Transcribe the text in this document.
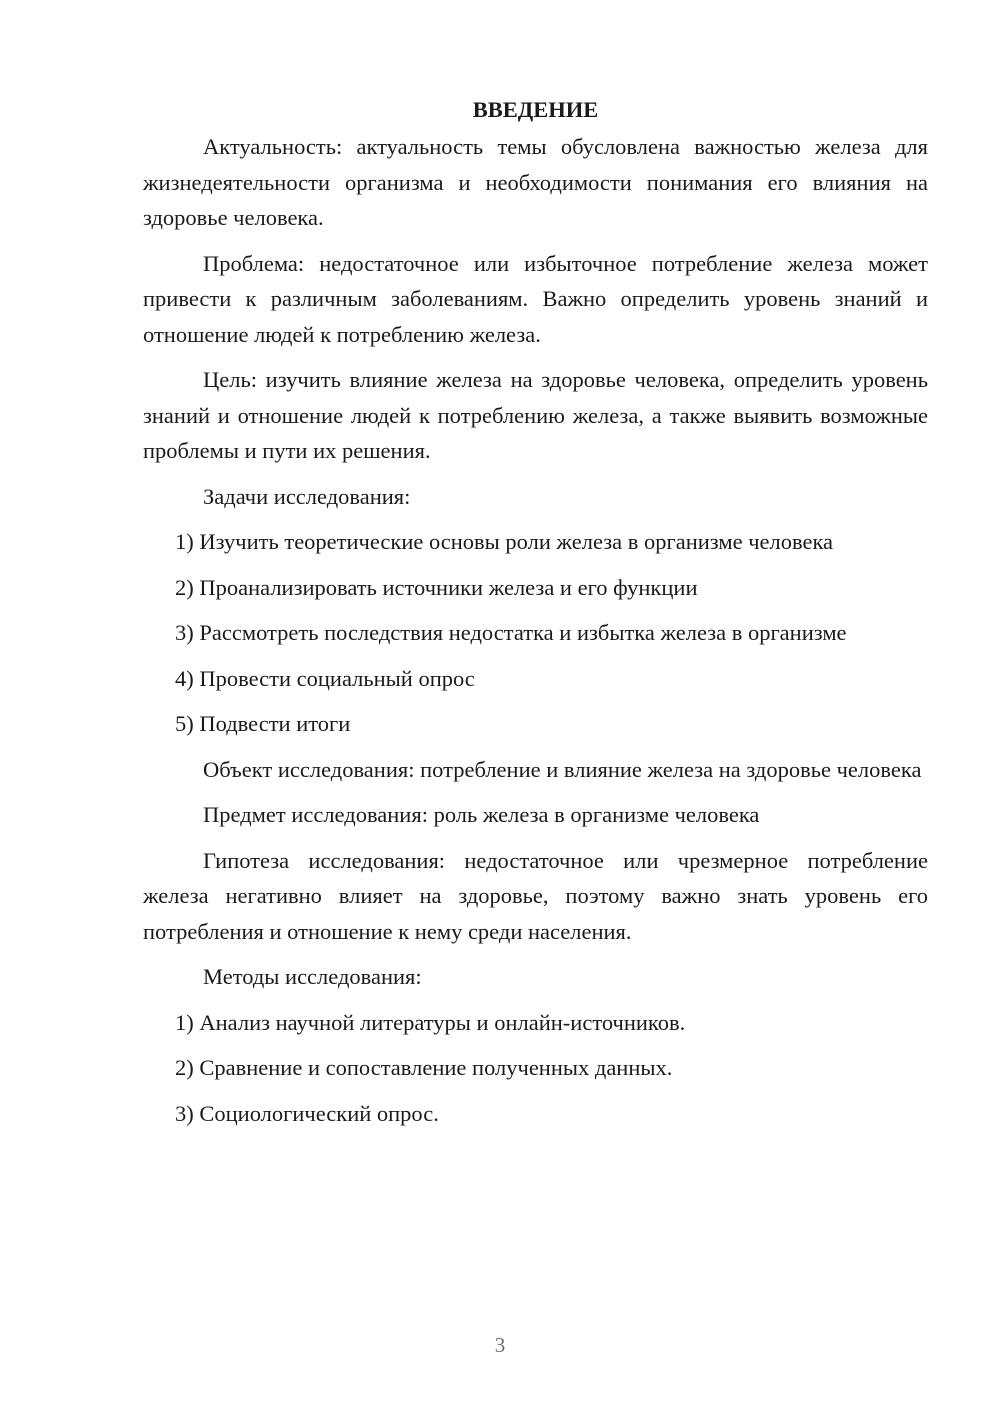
ВВЕДЕНИЕ

Актуальность: актуальность темы обусловлена важностью железа для жизнедеятельности организма и необходимости понимания его влияния на здоровье человека.

Проблема: недостаточное или избыточное потребление железа может привести к различным заболеваниям. Важно определить уровень знаний и отношение людей к потреблению железа.

Цель: изучить влияние железа на здоровье человека, определить уровень знаний и отношение людей к потреблению железа, а также выявить возможные проблемы и пути их решения.

Задачи исследования:

1) Изучить теоретические основы роли железа в организме человека
2) Проанализировать источники железа и его функции
3) Рассмотреть последствия недостатка и избытка железа в организме
4) Провести социальный опрос
5) Подвести итоги

Объект исследования: потребление и влияние железа на здоровье человека

Предмет исследования: роль железа в организме человека

Гипотеза исследования: недостаточное или чрезмерное потребление железа негативно влияет на здоровье, поэтому важно знать уровень его потребления и отношение к нему среди населения.

Методы исследования:

1) Анализ научной литературы и онлайн-источников.
2) Сравнение и сопоставление полученных данных.
3) Социологический опрос.
3
